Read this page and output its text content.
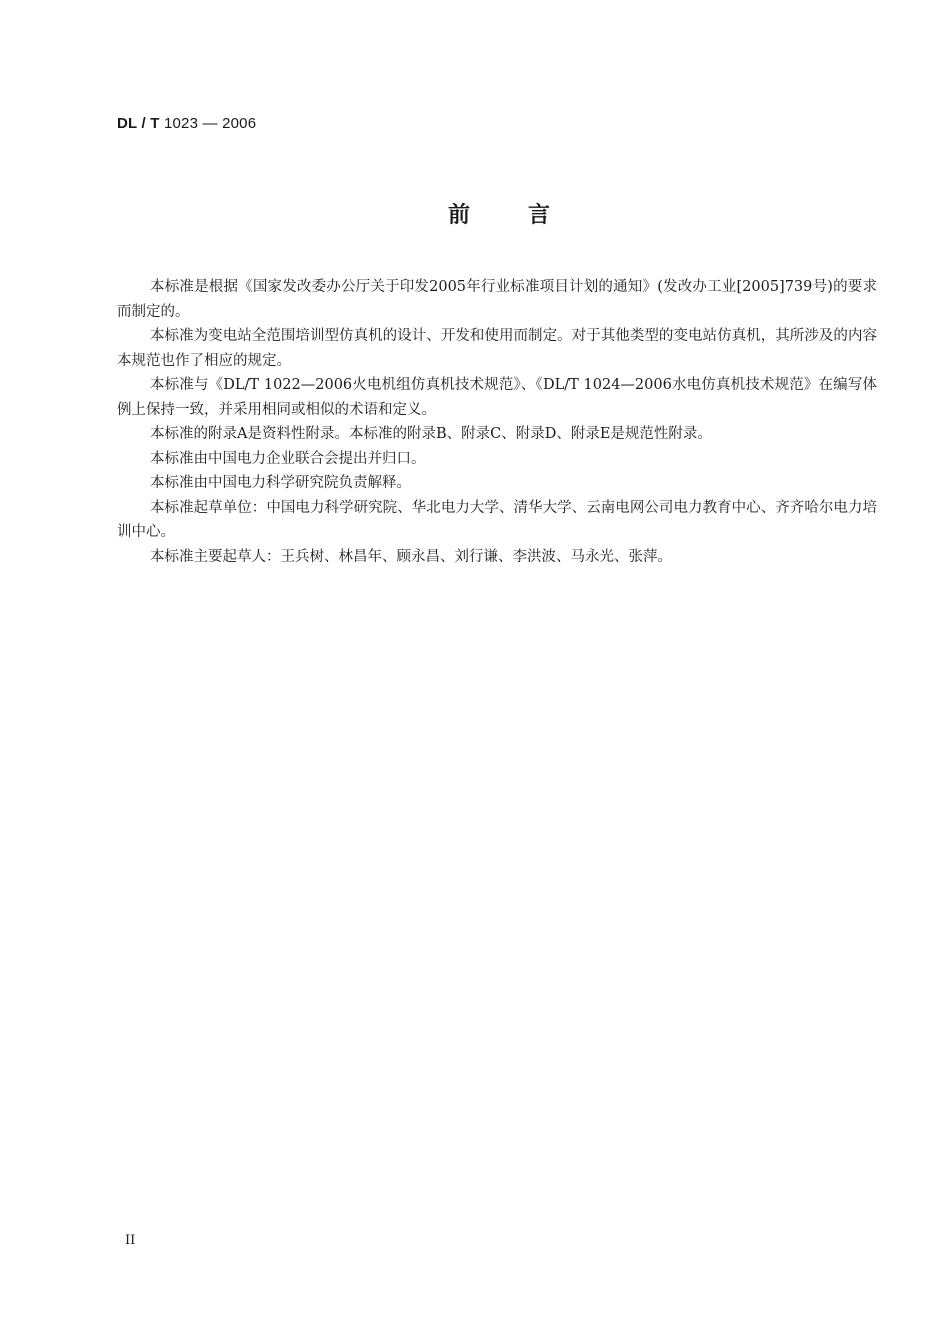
DL / T 1023 — 2006
前	言

本标准是根据《国家发改委办公厅关于印发2005年行业标准项目计划的通知》(发改办工业[2005]739号)的要求而制定的。

本标准为变电站全范围培训型仿真机的设计、开发和使用而制定。对于其他类型的变电站仿真机，其所涉及的内容本规范也作了相应的规定。

本标准与《DL/T 1022—2006火电机组仿真机技术规范》、《DL/T 1024—2006水电仿真机技术规范》在编写体例上保持一致，并采用相同或相似的术语和定义。

本标准的附录A是资料性附录。本标准的附录B、附录C、附录D、附录E是规范性附录。

本标准由中国电力企业联合会提出并归口。

本标准由中国电力科学研究院负责解释。

本标准起草单位：中国电力科学研究院、华北电力大学、清华大学、云南电网公司电力教育中心、齐齐哈尔电力培训中心。

本标准主要起草人：王兵树、林昌年、顾永昌、刘行谦、李洪波、马永光、张萍。

II
